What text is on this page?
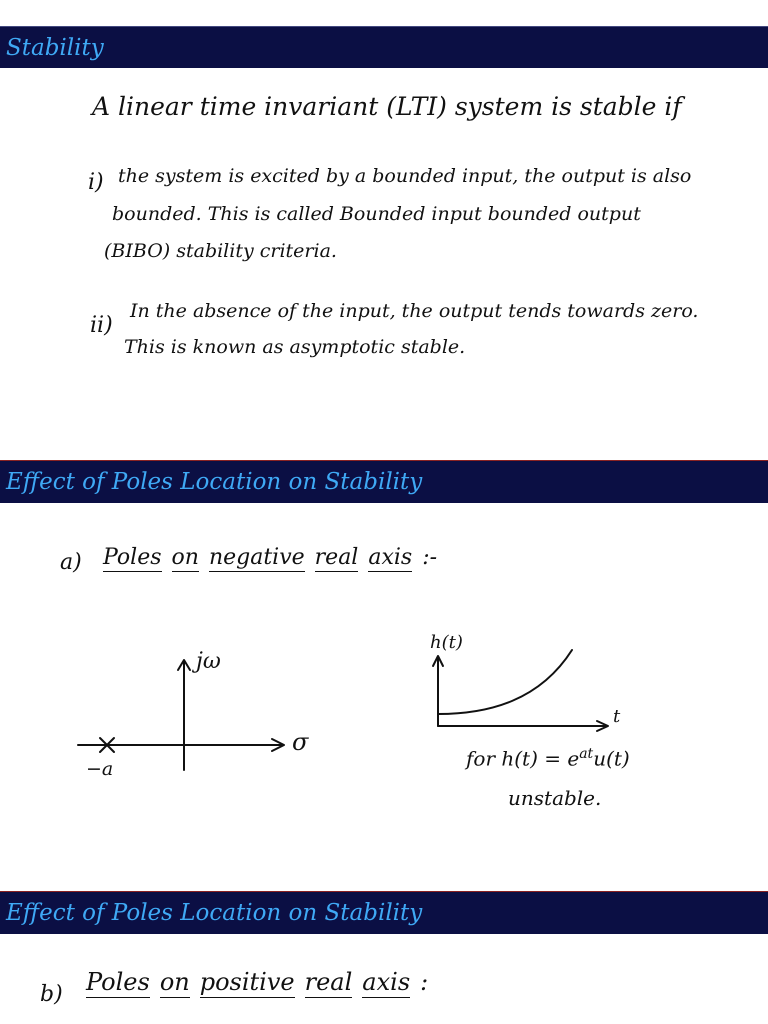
Stability
A linear time invariant (LTI) system is stable if
i) the system is excited by a bounded input, the output is also
bounded. This is called Bounded input bounded output
(BIBO) stability criteria.
ii)
In the absence of the input, the output tends towards zero.
This is known as asymptotic stable.
Effect of Poles Location on Stability
a) Poles on negative real axis :-
jω
σ
−a
h(t)
t
for $h(t) = e^{at}u(t)$
unstable.
Effect of Poles Location on Stability
b) Poles on positive real axis :
